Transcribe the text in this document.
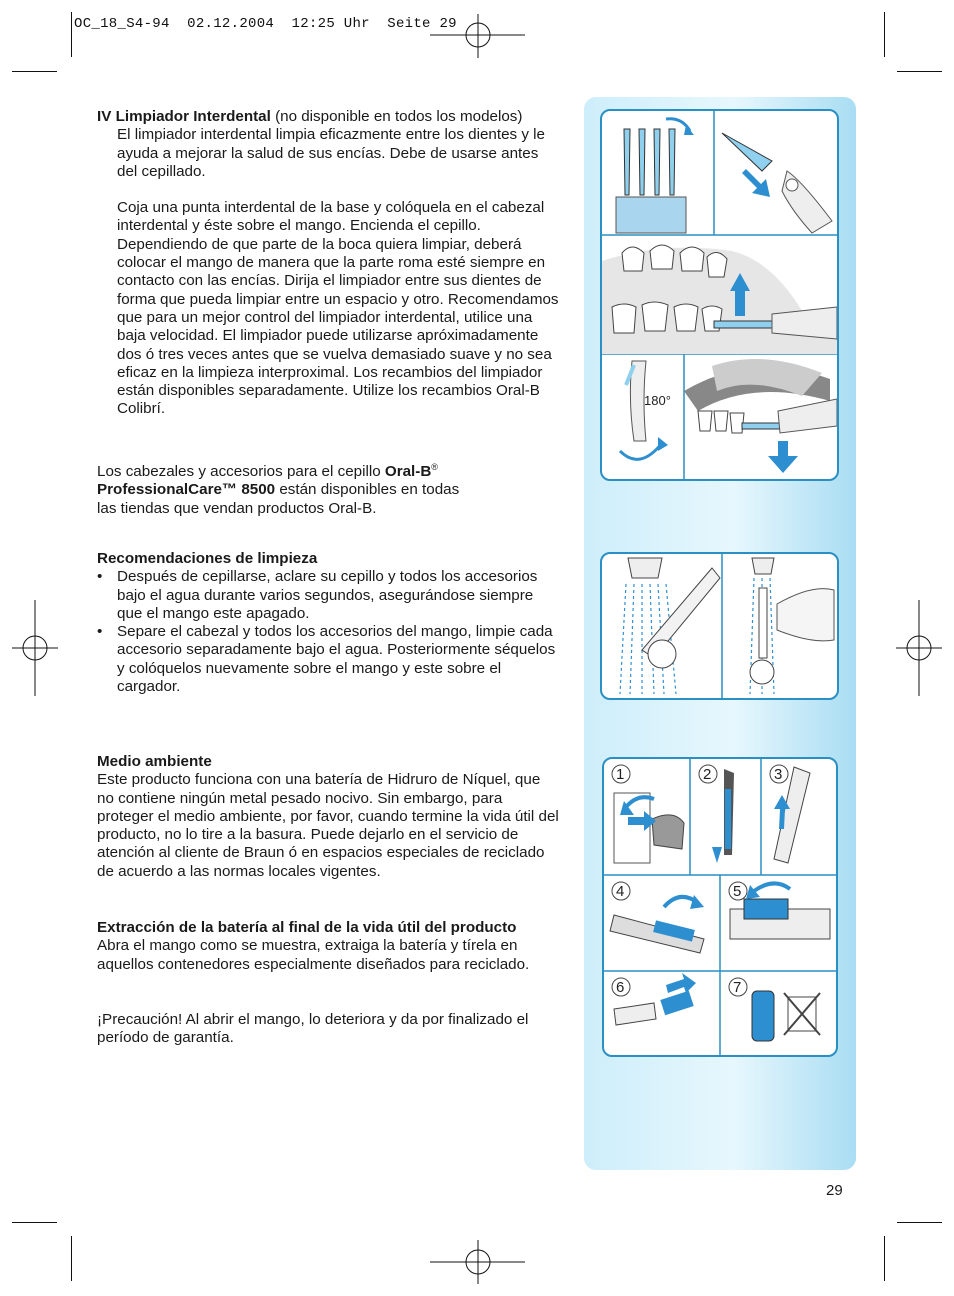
OC_18_S4-94  02.12.2004  12:25 Uhr  Seite 29

IV Limpiador Interdental (no disponible en todos los modelos)

El limpiador interdental limpia eficazmente entre los dientes y le ayuda a mejorar la salud de sus encías. Debe de usarse antes del cepillado.

Coja una punta interdental de la base y colóquela en el cabezal interdental y éste sobre el mango. Encienda el cepillo. Dependiendo de que parte de la boca quiera limpiar, deberá colocar el mango de manera que la parte roma esté siempre en contacto con las encías. Dirija el limpiador entre sus dientes de forma que pueda limpiar entre un espacio y otro. Recomendamos que para un mejor control del limpiador interdental, utilice una baja velocidad. El limpiador puede utilizarse apróximadamente dos ó tres veces antes que se vuelva demasiado suave y no sea eficaz en la limpieza interproximal. Los recambios del limpiador están disponibles separadamente. Utilize los recambios Oral-B Colibrí.

Los cabezales y accesorios para el cepillo Oral-B®
ProfessionalCare™ 8500 están disponibles en todas
las tiendas que vendan productos Oral-B.

Recomendaciones de limpieza

• Después de cepillarse, aclare su cepillo y todos los accesorios bajo el agua durante varios segundos, asegurándose siempre que el mango este apagado.
• Separe el cabezal y todos los accesorios del mango, limpie cada accesorio separadamente bajo el agua. Posteriormente séquelos y colóquelos nuevamente sobre el mango y este sobre el cargador.

Medio ambiente

Este producto funciona con una batería de Hidruro de Níquel, que no contiene ningún metal pesado nocivo. Sin embargo, para proteger el medio ambiente, por favor, cuando termine la vida útil del producto, no lo tire a la basura. Puede dejarlo en el servicio de atención al cliente de Braun ó en espacios especiales de reciclado de acuerdo a las normas locales vigentes.

Extracción de la batería al final de la vida útil del producto

Abra el mango como se muestra, extraiga la batería y tírela en aquellos contenedores especialmente diseñados para reciclado.

¡Precaución! Al abrir el mango, lo deteriora y da por finalizado el período de garantía.

180°
1	2	3
4	5
6	7
29
